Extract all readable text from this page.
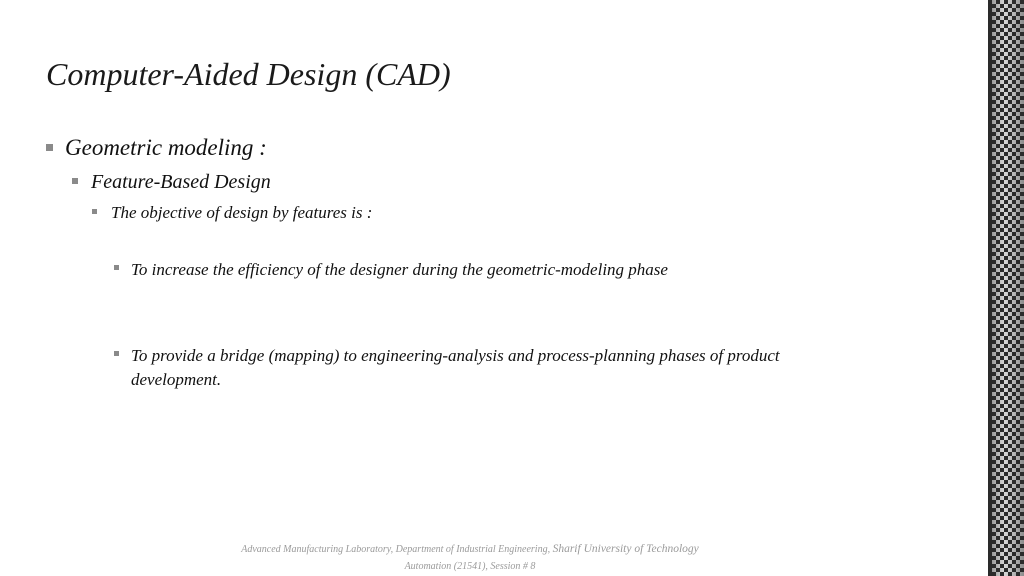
Computer-Aided Design (CAD)
Geometric modeling :
Feature-Based Design
The objective of design by features is :
To increase the efficiency of the designer during the geometric-modeling phase
To provide a bridge (mapping) to engineering-analysis and process-planning phases of product development.
Advanced Manufacturing Laboratory, Department of Industrial Engineering, Sharif University of Technology
Automation (21541), Session # 8
